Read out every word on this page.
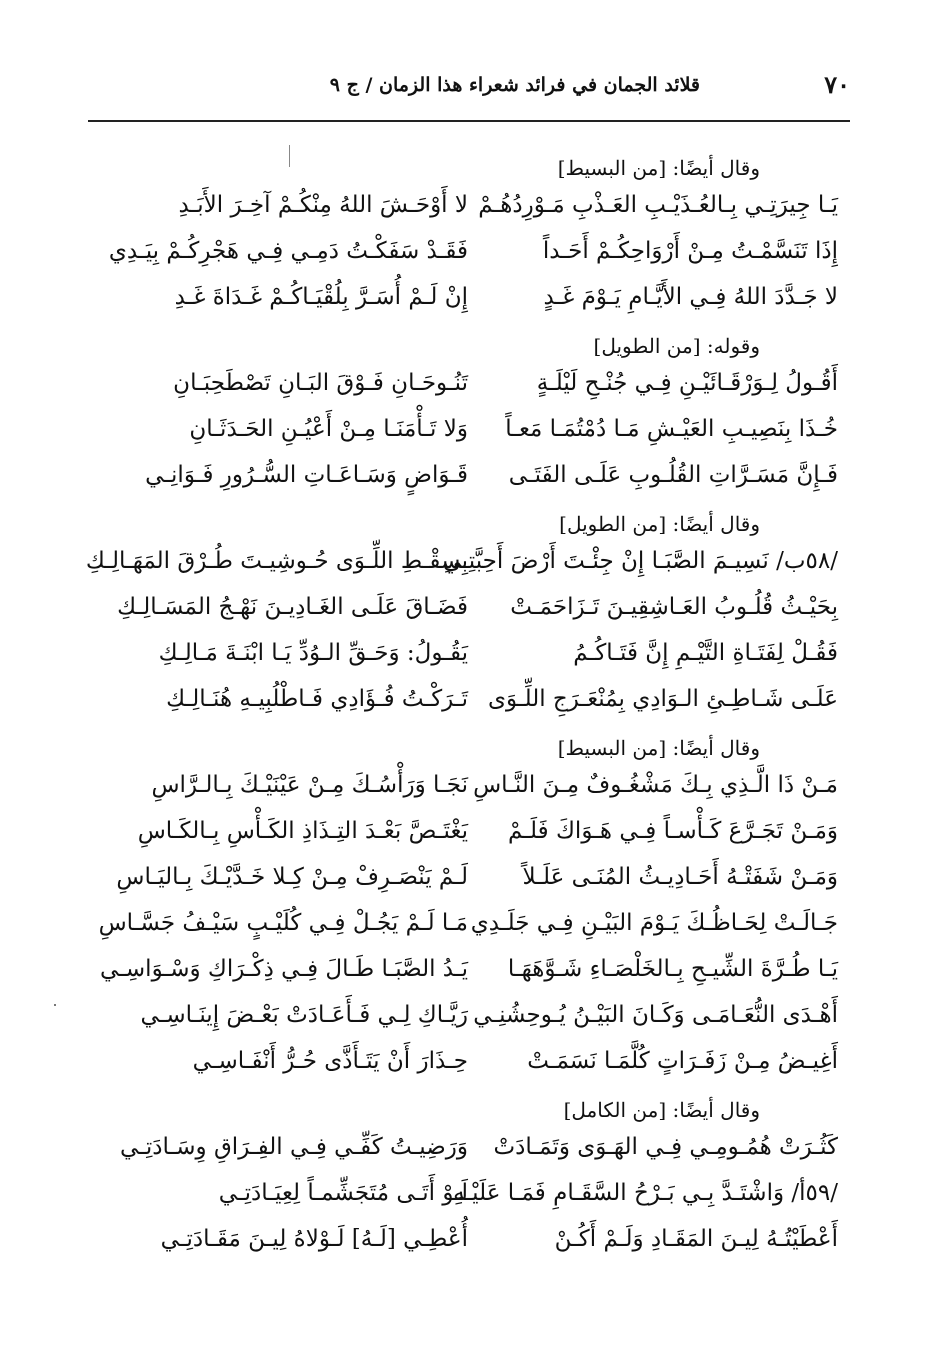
٧٠
قلائد الجمان في فرائد شعراء هذا الزمان / ج ٩
وقال أيضًا: [من البسيط]
يَـا جِيرَتِـي بِـالعُـذَيْـبِ العَـذْبِ مَـوْرِدُهُـمْ
لا أَوْحَـشَ اللهُ مِنْكُـمْ آخِـرَ الأَبَـدِ
إِذَا تَنَسَّمْـتُ مِـنْ أَرْوَاحِكُـمْ أَحَـداً
فَقَـدْ سَفَكْـتُ دَمِـي فِـي هَجْرِكُـمْ بِيَـدِي
لا جَـدَّدَ اللهُ فِـي الأَيَّـامِ يَـوْمَ غَـدٍ
إِنْ لَـمْ أُسَـرَّ بِلُقْيَـاكُـمْ غَـدَاةَ غَـدِ
وقوله: [من الطويل]
أَقُـولُ لِـوَرْقَـائَيْـنِ فِـي جُنْـحِ لَيْلَـةٍ
تَنُـوحَـانِ فَـوْقَ البَـانِ تَصْطَحِبَـانِ
خُـذَا بِنَصِيـبِ العَيْـشِ مَـا دُمْتُمَـا مَعـاً
وَلا تَـأْمَنَـا مِـنْ أَعْيُـنِ الحَـدَثَـانِ
فَـإِنَّ مَسَـرَّاتِ القُلُـوبِ عَلَـى الفَتَـى
قَـوَاضٍ وَسَـاعَـاتِ السُّـرُورِ فَـوَانِـي
وقال أيضًا: [من الطويل]
/٥٨ب/ نَسِيـمَ الصَّبَـا إِنْ جِئْـتَ أَرْضَ أَحِبَّتِـي
بِسِقْـطِ اللِّـوَى حُـوشِيـتَ طُـرْقَ المَهَـالِـكِ
بِحَيْـثُ قُلُـوبُ العَـاشِقِيـنَ تَـزَاحَمَـتْ
فَضَـاقَ عَلَـى الغَـادِيـنَ نَهْـجُ المَسَـالِـكِ
فَقُـلْ لِفَتَـاةِ التَّيْـمِ إِنَّ فَتَـاكُـمُ
يَقُـولُ: وَحَـقِّ الـوُدِّ يَـا ابْنَـةَ مَـالِـكِ
عَلَـى شَـاطِـئِ الـوَادِي بِمُنْعَـرَجِ اللِّـوَى
تَـرَكْـتُ فُـؤَادِي فَـاطْلُبِيـهِ هُنَـالِـكِ
وقال أيضًا: [من البسيط]
مَـنْ ذَا الَّـذِي بِـكَ مَشْغُـوفٌ مِـنَ النَّـاسِ
نَجَـا وَرَأْسُـكَ مِـنْ عَيْنَيْـكَ بِـالـرَّاسِ
وَمَـنْ تَجَـرَّعَ كَـأْسـاً فِـي هَـوَاكَ فَلَـمْ
يَغْتَـصَّ بَعْـدَ التِـذَاذِ الكَـأْسِ بِـالكَـاسِ
وَمَـنْ شَفَتْـهُ أَحَـادِيـثُ المُنَـى عَلَـلاً
لَـمْ يَنْصَـرِفْ مِـنْ كِـلا خَـدَّيْـكَ بِـاليَـاسِ
جَـالَـتْ لِحَـاظُـكَ يَـوْمَ البَيْـنِ فِـي جَلَـدِي
مَـا لَـمْ يَجُـلْ فِـي كُلَيْـبٍ سَيْـفُ جَسَّـاسِ
يَـا طُـرَّةَ الشِّيـحِ بِـالخَلْصَـاءِ شَـوَّهَهَـا
يَـدُ الصَّبَـا طَـالَ فِـي ذِكْـرَاكِ وَسْـوَاسِـي
أَهْـدَى النُّعَـامَـى وَكَـانَ البَيْـنُ يُـوحِشُنِـي
رَيَّـاكِ لِـي فَـأَعَـادَتْ بَعْـضَ إِينَـاسِـي
أَغِيـضُ مِـنْ زَفَـرَاتٍ كُلَّمَـا نَسَمَـتْ
حِـذَارَ أَنْ يَتَـأَذَّى حُـرُّ أَنْفَـاسِـي
وقال أيضًا: [من الكامل]
كَثُـرَتْ هُمُـومِـي فِـي الهَـوَى وَتَمَـادَتْ
وَرَضِيـتُ كَفِّـي فِـي الفِـرَاقِ وِسَـادَتِـي
/٥٩أ/ وَاشْتَـدَّ بِـي بَـرْحُ السَّقَـامِ فَمَـا عَلَيْـهِ
لَـوْ أَتَـى مُتَجَشِّمـاً لِعِيَـادَتِـي
أَعْطَيْتُـهُ لِيـنَ المَقَـادِ وَلَـمْ أَكُـنْ
أُعْطِـي [لَـهُ] لَـوْلاهُ لِيـنَ مَقَـادَتِـي
